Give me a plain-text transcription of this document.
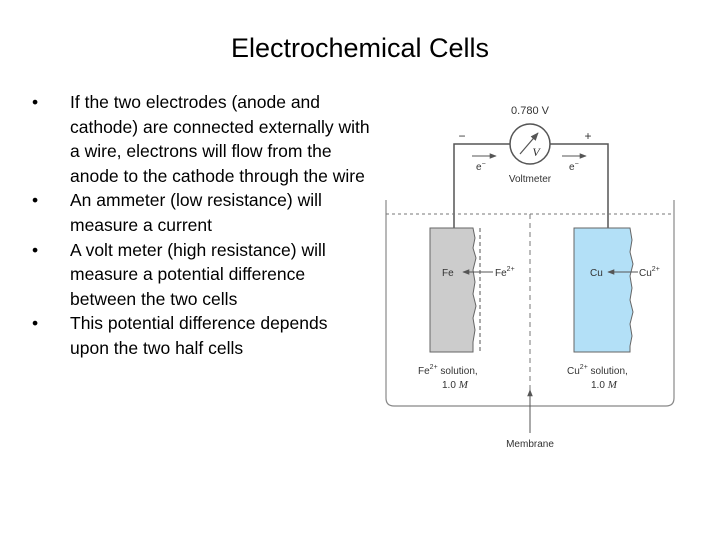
Electrochemical Cells
•	If the two electrodes (anode and cathode) are connected externally with a wire, electrons will flow from the anode to the cathode through the wire
•	An ammeter (low resistance) will measure a current
•	A volt meter (high resistance) will measure a potential difference between the two cells
•	This potential difference depends upon the two half cells
0.780 V
V
Voltmeter
−	+
e−	e−
Fe	$Fe^{2+}$	Cu	$Cu^{2+}$
$Fe^{2+}$ solution,
1.0 M
$Cu^{2+}$ solution,
1.0 M
Membrane
